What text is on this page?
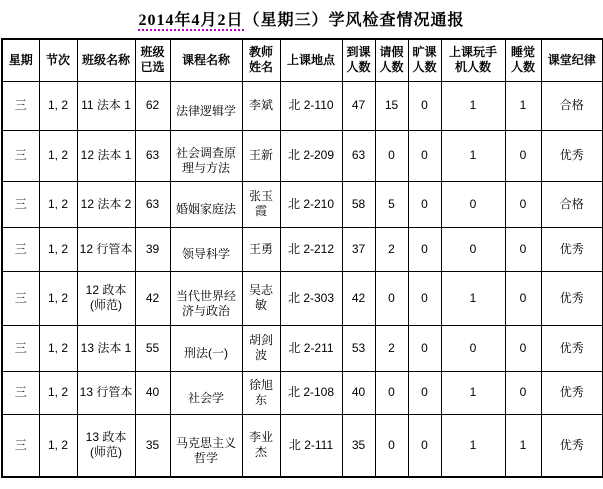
2014年4月2日（星期三）学风检查情况通报
星期	节次	班级名称	班级已选	课程名称	教师姓名	上课地点	到课人数	请假人数	旷课人数	上课玩手机人数	睡觉人数	课堂纪律
三	1, 2	11 法本 1	62	法律逻辑学	李斌	北 2-110	47	15	0	1	1	合格
三	1, 2	12 法本 1	63	社会调查原理与方法	王新	北 2-209	63	0	0	1	0	优秀
三	1, 2	12 法本 2	63	婚姻家庭法	张玉霞	北 2-210	58	5	0	0	0	合格
三	1, 2	12 行管本	39	领导科学	王勇	北 2-212	37	2	0	0	0	优秀
三	1, 2	12 政本 (师范)	42	当代世界经济与政治	吴志敏	北 2-303	42	0	0	1	0	优秀
三	1, 2	13 法本 1	55	刑法(一)	胡剑波	北 2-211	53	2	0	0	0	优秀
三	1, 2	13 行管本	40	社会学	徐旭东	北 2-108	40	0	0	1	0	优秀
三	1, 2	13 政本 (师范)	35	马克思主义哲学	李业杰	北 2-111	35	0	0	1	1	优秀
